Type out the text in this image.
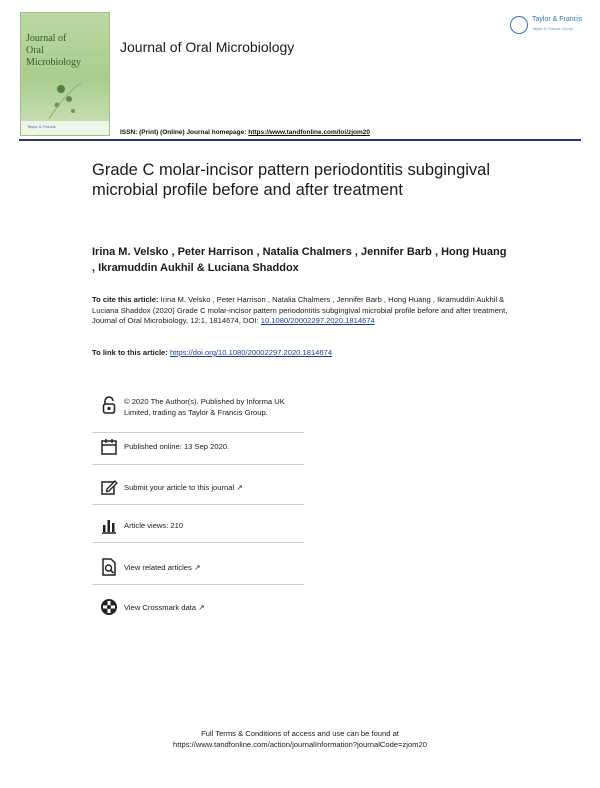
Journal of
Oral
Microbiology
Taylor & Francis
Journal of Oral Microbiology
Taylor & Francis
Taylor & Francis Group
ISSN: (Print) (Online) Journal homepage: https://www.tandfonline.com/loi/zjom20
Grade C molar-incisor pattern periodontitis subgingival microbial profile before and after treatment
Irina M. Velsko , Peter Harrison , Natalia Chalmers , Jennifer Barb , Hong Huang , Ikramuddin Aukhil & Luciana Shaddox
To cite this article: Irina M. Velsko , Peter Harrison , Natalia Chalmers , Jennifer Barb , Hong Huang , Ikramuddin Aukhil & Luciana Shaddox (2020) Grade C molar-incisor pattern periodontitis subgingival microbial profile before and after treatment, Journal of Oral Microbiology, 12:1, 1814674, DOI: 10.1080/20002297.2020.1814674
To link to this article: https://doi.org/10.1080/20002297.2020.1814674
© 2020 The Author(s). Published by Informa UK Limited, trading as Taylor & Francis Group.
Published online: 13 Sep 2020.
Submit your article to this journal ↗
Article views: 210
View related articles ↗
View Crossmark data ↗
Full Terms & Conditions of access and use can be found at
https://www.tandfonline.com/action/journalInformation?journalCode=zjom20
